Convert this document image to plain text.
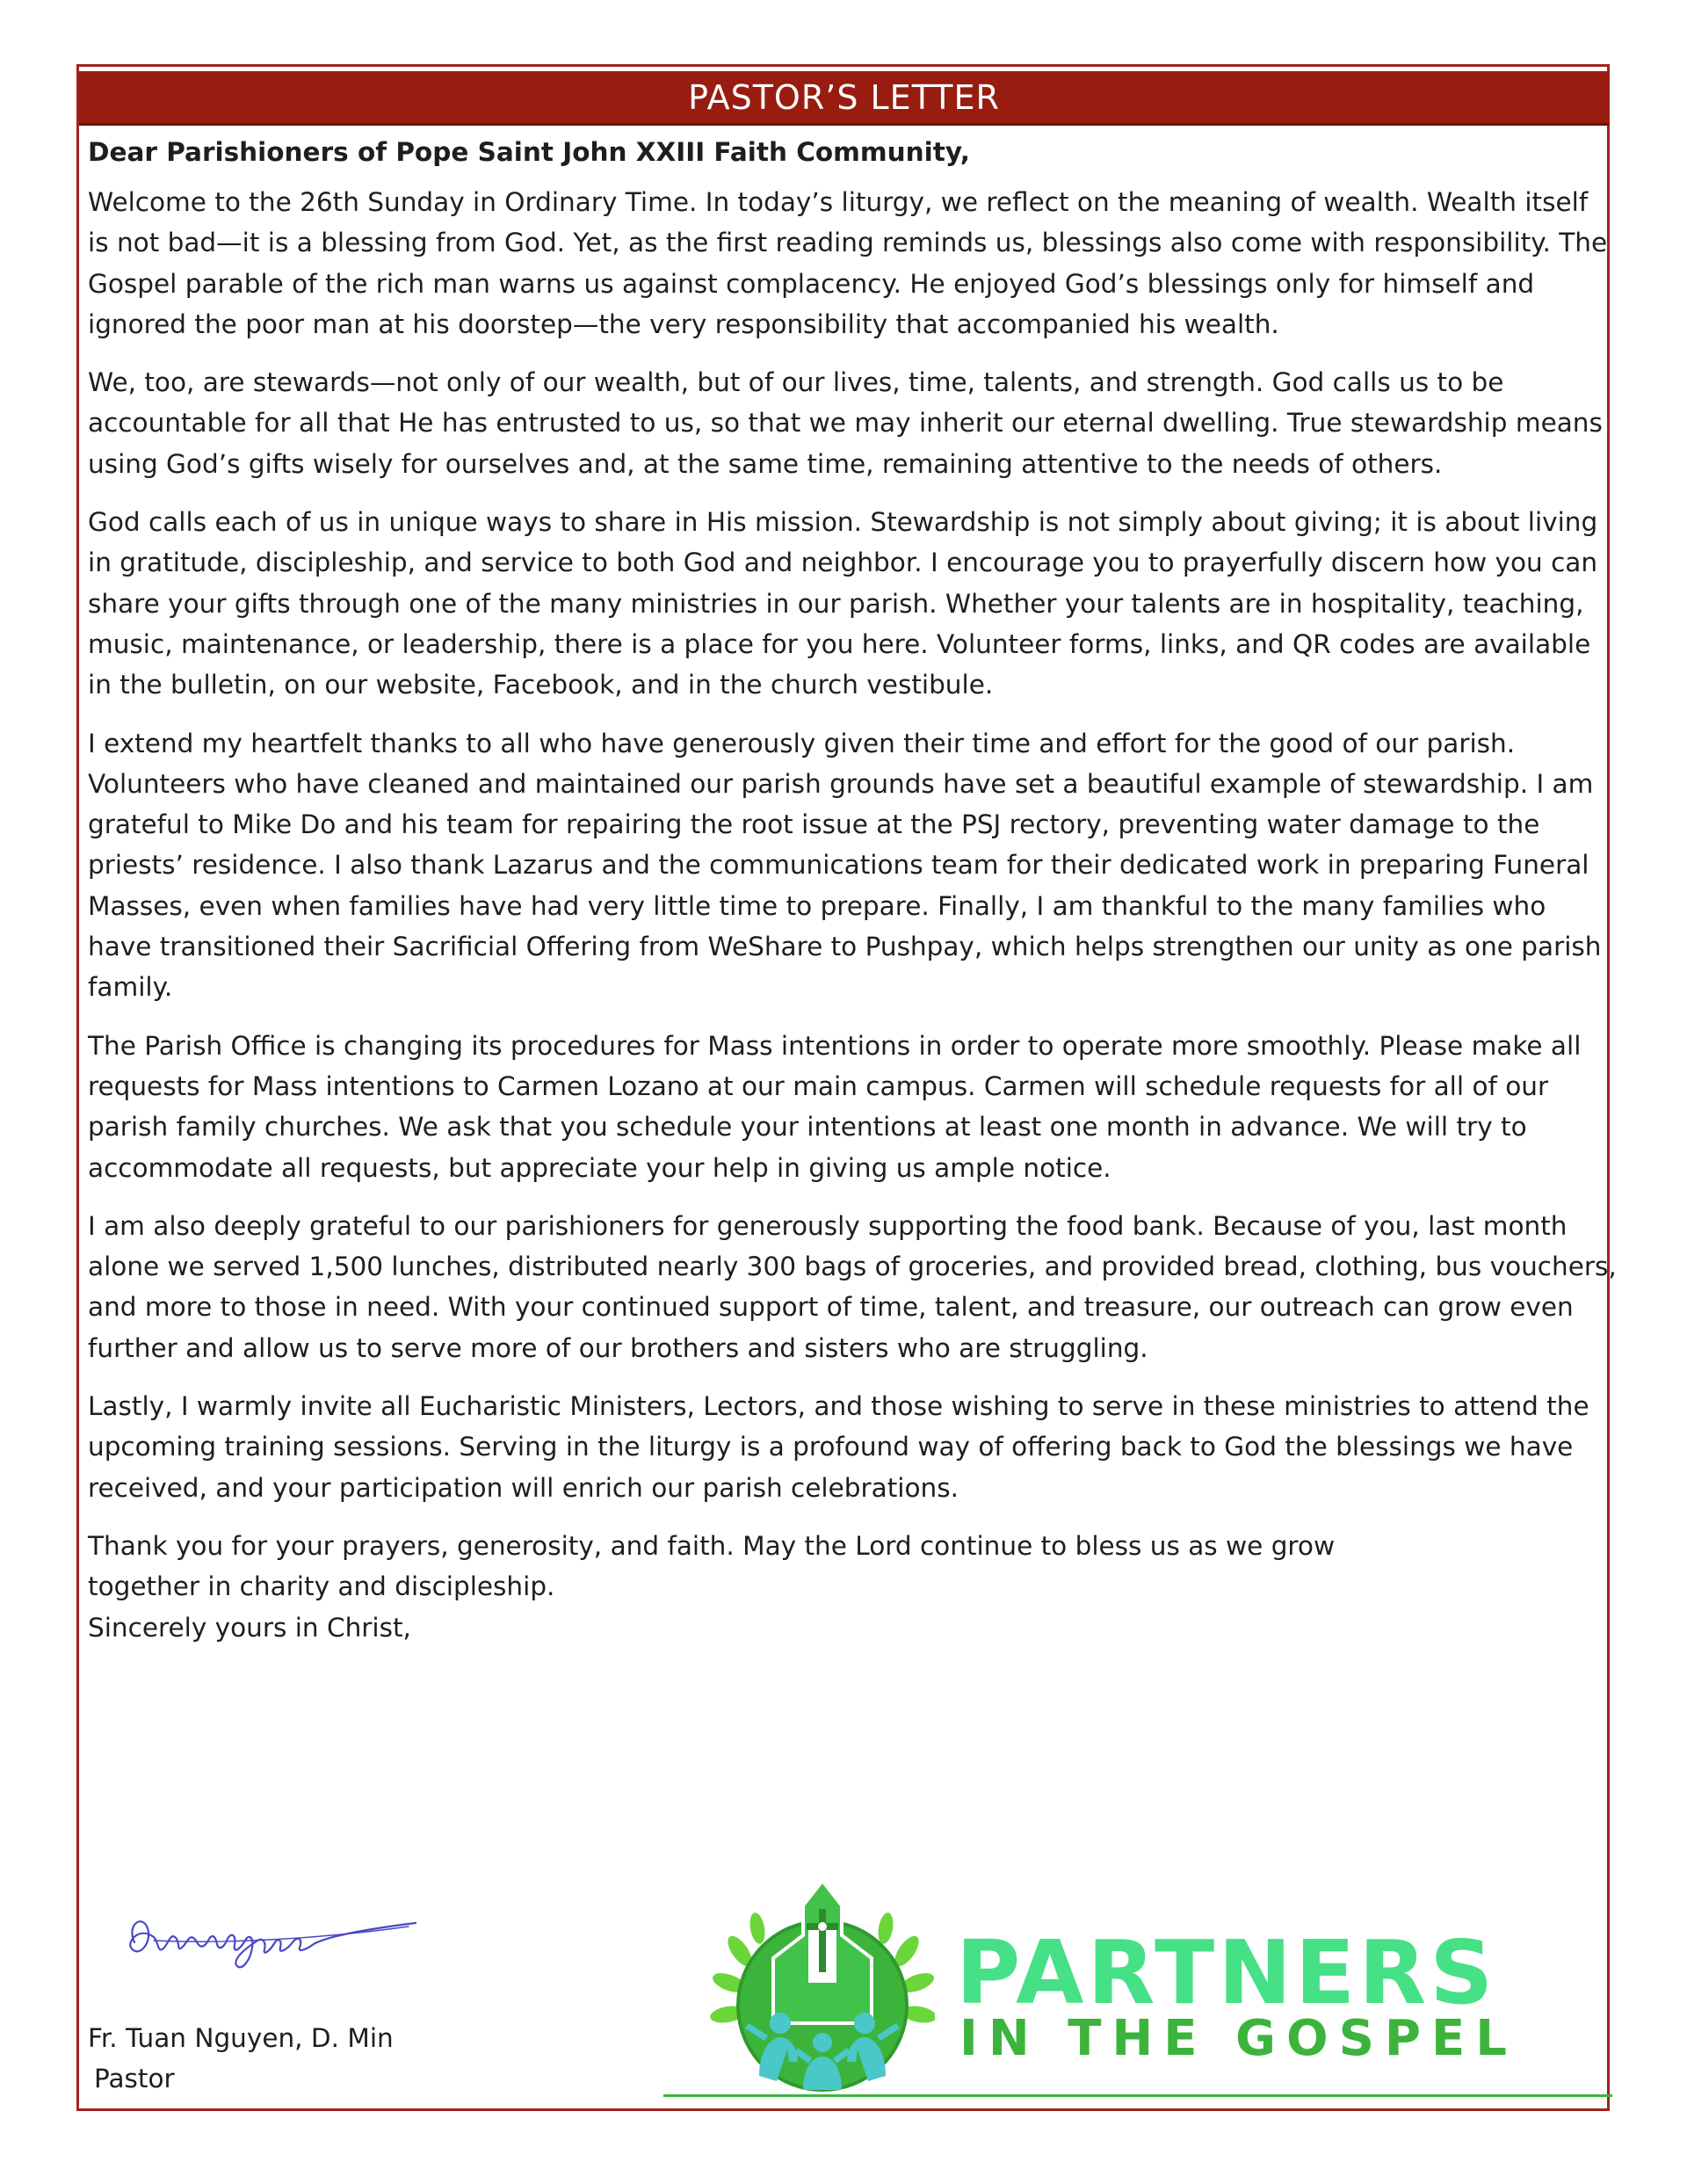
PASTOR’S LETTER

Dear Parishioners of Pope Saint John XXIII Faith Community,

Welcome to the 26th Sunday in Ordinary Time. In today’s liturgy, we reflect on the meaning of wealth. Wealth itself is not bad—it is a blessing from God. Yet, as the first reading reminds us, blessings also come with responsibility. The Gospel parable of the rich man warns us against complacency. He enjoyed God’s blessings only for himself and ignored the poor man at his doorstep—the very responsibility that accompanied his wealth.

We, too, are stewards—not only of our wealth, but of our lives, time, talents, and strength. God calls us to be accountable for all that He has entrusted to us, so that we may inherit our eternal dwelling. True stewardship means using God’s gifts wisely for ourselves and, at the same time, remaining attentive to the needs of others.

God calls each of us in unique ways to share in His mission. Stewardship is not simply about giving; it is about living in gratitude, discipleship, and service to both God and neighbor. I encourage you to prayerfully discern how you can share your gifts through one of the many ministries in our parish. Whether your talents are in hospitality, teaching, music, maintenance, or leadership, there is a place for you here. Volunteer forms, links, and QR codes are available in the bulletin, on our website, Facebook, and in the church vestibule.

I extend my heartfelt thanks to all who have generously given their time and effort for the good of our parish. Volunteers who have cleaned and maintained our parish grounds have set a beautiful example of stewardship. I am grateful to Mike Do and his team for repairing the root issue at the PSJ rectory, preventing water damage to the priests’ residence. I also thank Lazarus and the communications team for their dedicated work in preparing Funeral Masses, even when families have had very little time to prepare. Finally, I am thankful to the many families who have transitioned their Sacrificial Offering from WeShare to Pushpay, which helps strengthen our unity as one parish family.

The Parish Office is changing its procedures for Mass intentions in order to operate more smoothly. Please make all requests for Mass intentions to Carmen Lozano at our main campus. Carmen will schedule requests for all of our parish family churches. We ask that you schedule your intentions at least one month in advance. We will try to accommodate all requests, but appreciate your help in giving us ample notice.

I am also deeply grateful to our parishioners for generously supporting the food bank. Because of you, last month alone we served 1,500 lunches, distributed nearly 300 bags of groceries, and provided bread, clothing, bus vouchers, and more to those in need. With your continued support of time, talent, and treasure, our outreach can grow even further and allow us to serve more of our brothers and sisters who are struggling.

Lastly, I warmly invite all Eucharistic Ministers, Lectors, and those wishing to serve in these ministries to attend the upcoming training sessions. Serving in the liturgy is a profound way of offering back to God the blessings we have received, and your participation will enrich our parish celebrations.

Thank you for your prayers, generosity, and faith. May the Lord continue to bless us as we grow

together in charity and discipleship.

Sincerely yours in Christ,

Fr. Tuan Nguyen, D. Min
Pastor
PARTNERS
IN THE GOSPEL
